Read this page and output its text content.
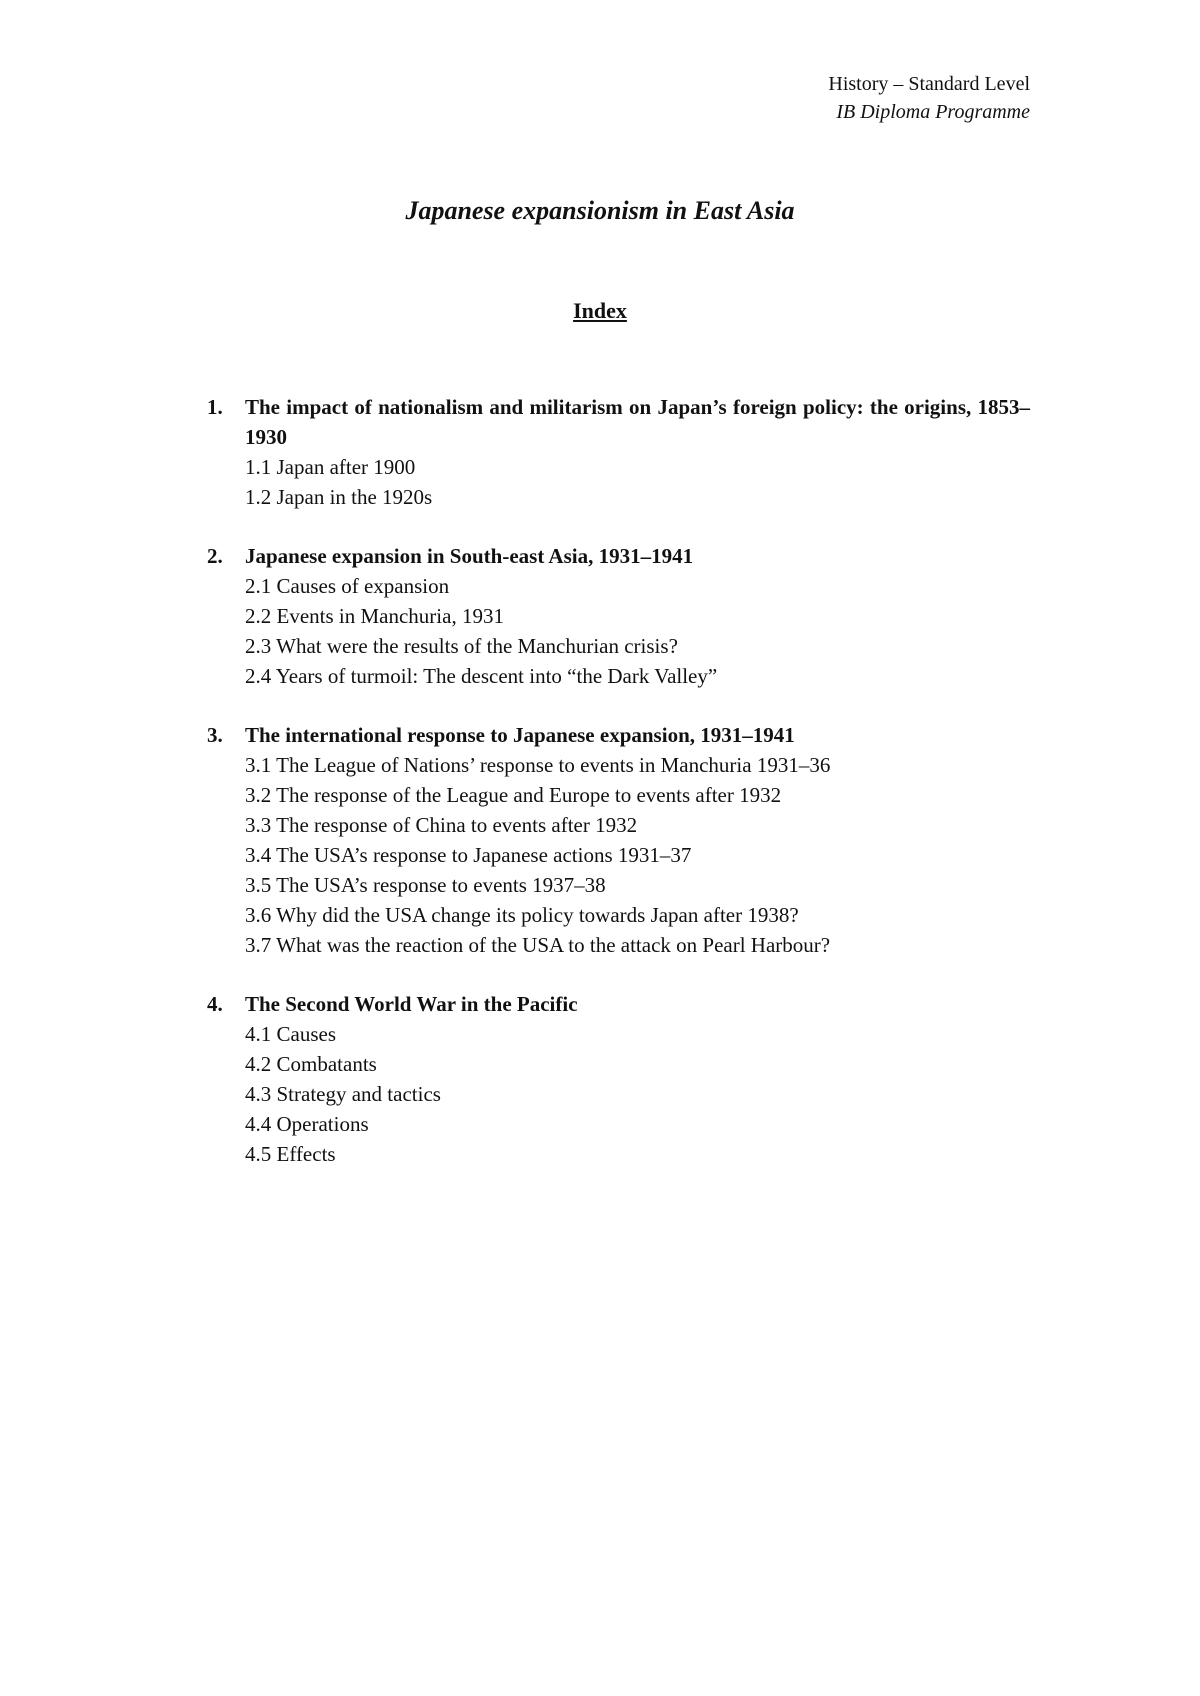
History – Standard Level
IB Diploma Programme
Japanese expansionism in East Asia
Index
1.	The impact of nationalism and militarism on Japan’s foreign policy: the origins, 1853–1930
1.1 Japan after 1900
1.2 Japan in the 1920s
2.	Japanese expansion in South-east Asia, 1931–1941
2.1 Causes of expansion
2.2 Events in Manchuria, 1931
2.3 What were the results of the Manchurian crisis?
2.4 Years of turmoil: The descent into “the Dark Valley”
3.	The international response to Japanese expansion, 1931–1941
3.1 The League of Nations’ response to events in Manchuria 1931–36
3.2 The response of the League and Europe to events after 1932
3.3 The response of China to events after 1932
3.4 The USA’s response to Japanese actions 1931–37
3.5 The USA’s response to events 1937–38
3.6 Why did the USA change its policy towards Japan after 1938?
3.7 What was the reaction of the USA to the attack on Pearl Harbour?
4.	The Second World War in the Pacific
4.1 Causes
4.2 Combatants
4.3 Strategy and tactics
4.4 Operations
4.5 Effects
